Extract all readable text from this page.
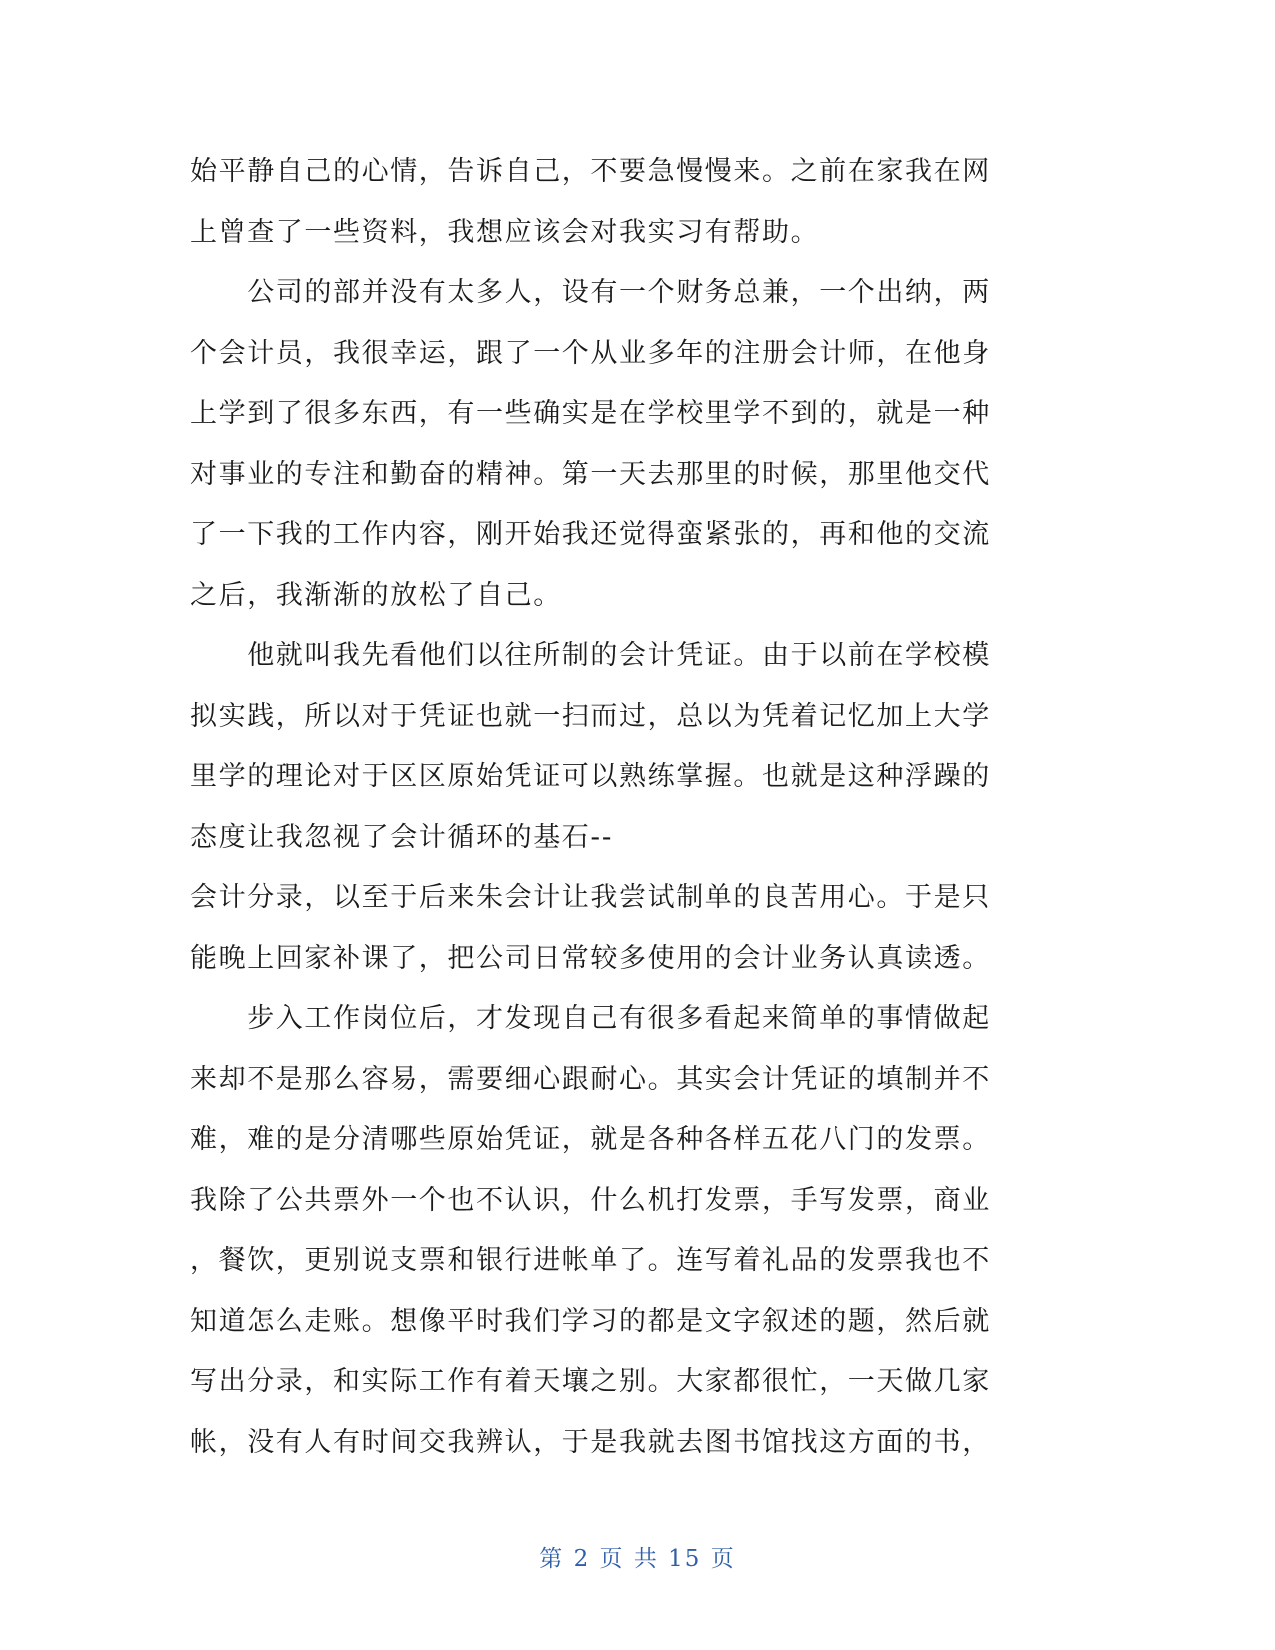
始平静自己的心情，告诉自己，不要急慢慢来。之前在家我在网
上曾查了一些资料，我想应该会对我实习有帮助。
　　公司的部并没有太多人，设有一个财务总兼，一个出纳，两
个会计员，我很幸运，跟了一个从业多年的注册会计师，在他身
上学到了很多东西，有一些确实是在学校里学不到的，就是一种
对事业的专注和勤奋的精神。第一天去那里的时候，那里他交代
了一下我的工作内容，刚开始我还觉得蛮紧张的，再和他的交流
之后，我渐渐的放松了自己。
　　他就叫我先看他们以往所制的会计凭证。由于以前在学校模
拟实践，所以对于凭证也就一扫而过，总以为凭着记忆加上大学
里学的理论对于区区原始凭证可以熟练掌握。也就是这种浮躁的
态度让我忽视了会计循环的基石--
会计分录，以至于后来朱会计让我尝试制单的良苦用心。于是只
能晚上回家补课了，把公司日常较多使用的会计业务认真读透。
　　步入工作岗位后，才发现自己有很多看起来简单的事情做起
来却不是那么容易，需要细心跟耐心。其实会计凭证的填制并不
难，难的是分清哪些原始凭证，就是各种各样五花八门的发票。
我除了公共票外一个也不认识，什么机打发票，手写发票，商业
，餐饮，更别说支票和银行进帐单了。连写着礼品的发票我也不
知道怎么走账。想像平时我们学习的都是文字叙述的题，然后就
写出分录，和实际工作有着天壤之别。大家都很忙，一天做几家
帐，没有人有时间交我辨认，于是我就去图书馆找这方面的书，
第 2 页 共 15 页
